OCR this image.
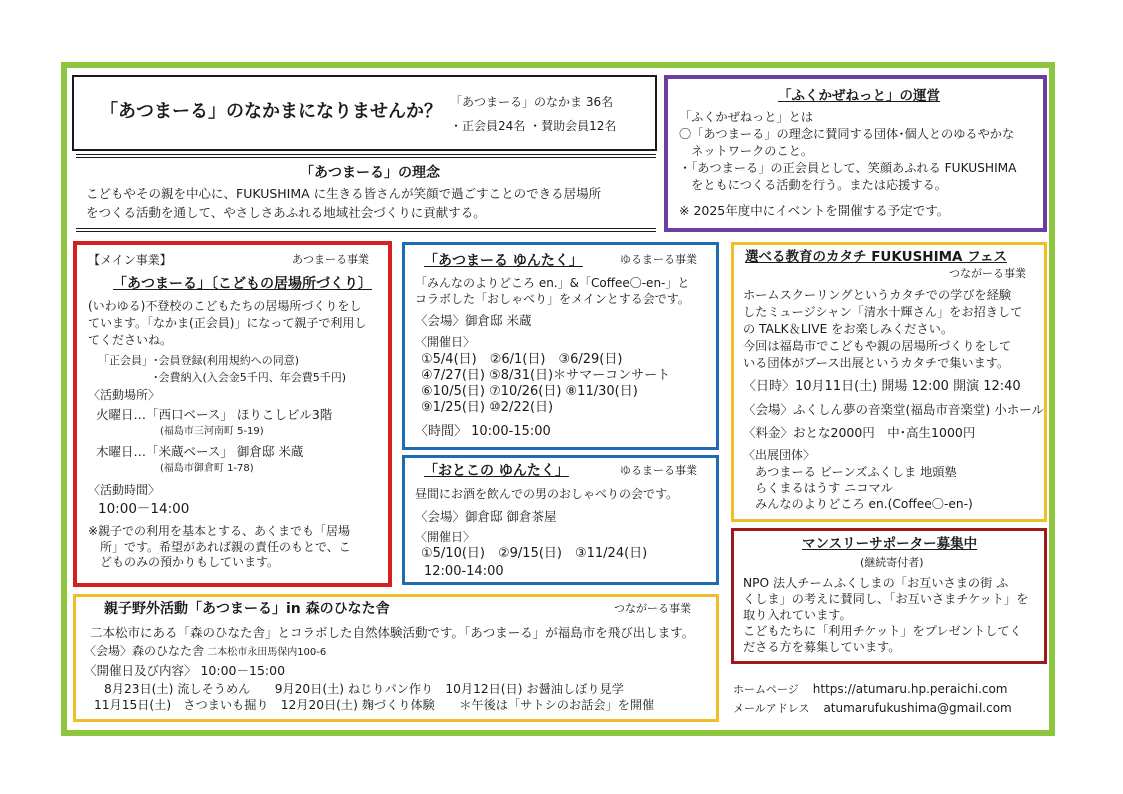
「あつまーる」のなかまになりませんか？ 「あつまーる」のなかま 36名
・正会員24名 ・賛助会員12名
「あつまーる」の理念
こどもやその親を中心に、FUKUSHIMA に生きる皆さんが笑顔で過ごすことのできる居場所
をつくる活動を通して、やさしさあふれる地域社会づくりに貢献する。
「ふくかぜねっと」の運営
「ふくかぜねっと」とは
〇「あつまーる」の理念に賛同する団体･個人とのゆるやかな
　ネットワークのこと。
・「あつまーる」の正会員として、笑顔あふれる FUKUSHIMA
　をともにつくる活動を行う。または応援する。
※ 2025年度中にイベントを開催する予定です。
【メイン事業】	あつまーる事業
「あつまーる」〔こどもの居場所づくり〕
(いわゆる)不登校のこどもたちの居場所づくりをし
ています。「なかま(正会員)」になって親子で利用し
てくださいね。
「正会員」･会員登録(利用規約への同意)
　　　　　･会費納入(入会金5千円、年会費5千円)
〈活動場所〉
火曜日…「西口ベース」 ほりこしビル3階
(福島市三河南町 5-19)
木曜日…「米蔵ベース」 御倉邸 米蔵
(福島市御倉町 1-78)
〈活動時間〉
10:00－14:00
※親子での利用を基本とする、あくまでも「居場
　所」です。希望があれば親の責任のもとで、こ
　どものみの預かりもしています。
「あつまーる ゆんたく」	ゆるまーる事業
「みんなのよりどころ en.」&「Coffee〇-en-」と
コラボした「おしゃべり」をメインとする会です。
〈会場〉御倉邸 米蔵
〈開催日〉
①5/4(日)　②6/1(日)　③6/29(日)
④7/27(日) ⑤8/31(日)＊サマーコンサート
⑥10/5(日) ⑦10/26(日) ⑧11/30(日)
⑨1/25(日) ⑩2/22(日)
〈時間〉 10:00-15:00
「おとこの ゆんたく」	ゆるまーる事業
昼間にお酒を飲んでの男のおしゃべりの会です。
〈会場〉御倉邸 御倉茶屋
〈開催日〉
①5/10(日)　②9/15(日)　③11/24(日)
12:00-14:00
親子野外活動「あつまーる」in 森のひなた舎	つながーる事業
二本松市にある「森のひなた舎」とコラボした自然体験活動です。「あつまーる」が福島市を飛び出します。
〈会場〉森のひなた舎 二本松市永田馬保内100-6
〈開催日及び内容〉 10:00－15:00
8月23日(土) 流しそうめん　　9月20日(土) ねじりパン作り　10月12日(日) お醤油しぼり見学
11月15日(土)　さつまいも掘り　12月20日(土) 麹づくり体験　　＊午後は「サトシのお話会」を開催
選べる教育のカタチ FUKUSHIMA フェス
つながーる事業
ホームスクーリングというカタチでの学びを経験
したミュージシャン「清水十輝さん」をお招きして
の TALK＆LIVE をお楽しみください。
今回は福島市でこどもや親の居場所づくりをして
いる団体がブース出展というカタチで集います。
〈日時〉10月11日(土) 開場 12:00 開演 12:40
〈会場〉ふくしん夢の音楽堂(福島市音楽堂) 小ホール
〈料金〉おとな2000円　中･高生1000円
〈出展団体〉
あつまーる ビーンズふくしま 地頭塾
らくまるはうす ニコマル
みんなのよりどころ en.(Coffee〇-en-)
マンスリーサポーター募集中
(継続寄付者)
NPO 法人チームふくしまの「お互いさまの街 ふ
くしま」の考えに賛同し、「お互いさまチケット」を
取り入れています。
こどもたちに「利用チケット」をプレゼントしてく
ださる方を募集しています。
ホームページ https://atumaru.hp.peraichi.com
メールアドレス atumarufukushima@gmail.com
